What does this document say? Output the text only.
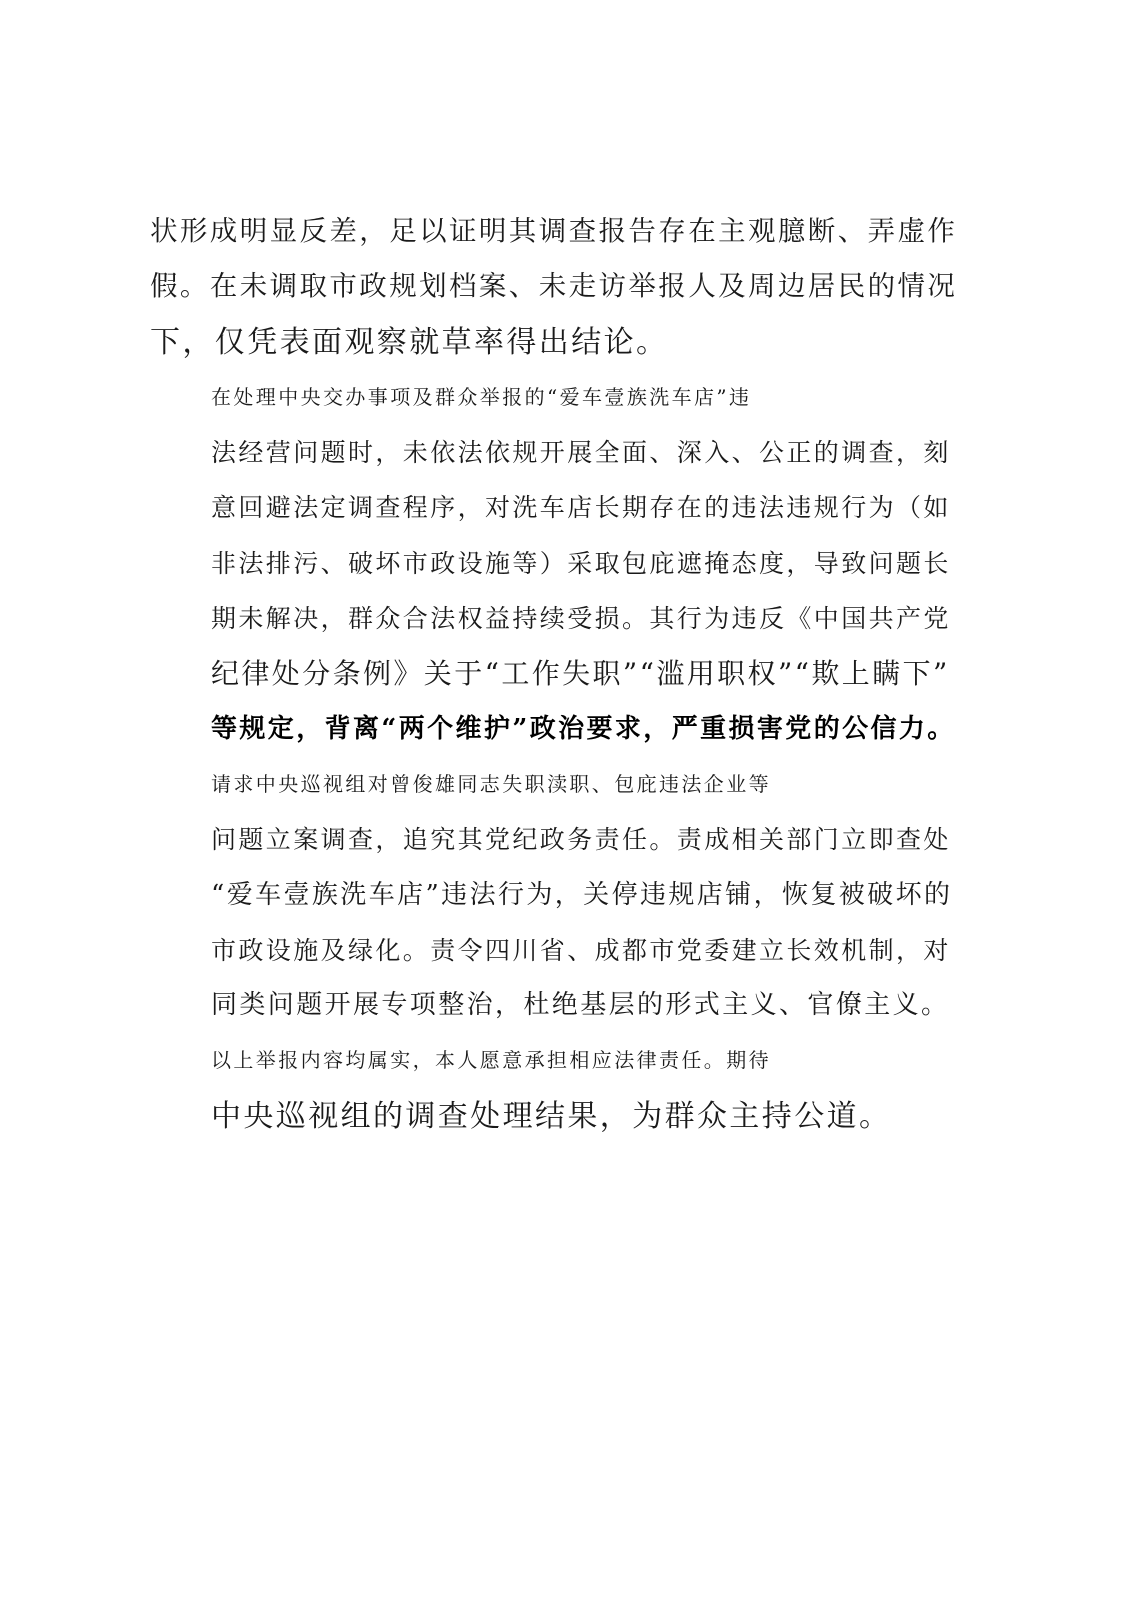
状形成明显反差，足以证明其调查报告存在主观臆断、弄虚作
假。在未调取市政规划档案、未走访举报人及周边居民的情况
下，仅凭表面观察就草率得出结论。
在处理中央交办事项及群众举报的“爱车壹族洗车店”违
法经营问题时，未依法依规开展全面、深入、公正的调查，刻
意回避法定调查程序，对洗车店长期存在的违法违规行为（如
非法排污、破坏市政设施等）采取包庇遮掩态度，导致问题长
期未解决，群众合法权益持续受损。其行为违反《中国共产党
纪律处分条例》关于“工作失职”“滥用职权”“欺上瞒下”
等规定，背离“两个维护”政治要求，严重损害党的公信力。
请求中央巡视组对曾俊雄同志失职渎职、包庇违法企业等
问题立案调查，追究其党纪政务责任。责成相关部门立即查处
“爱车壹族洗车店”违法行为，关停违规店铺，恢复被破坏的
市政设施及绿化。责令四川省、成都市党委建立长效机制，对
同类问题开展专项整治，杜绝基层的形式主义、官僚主义。
以上举报内容均属实，本人愿意承担相应法律责任。期待
中央巡视组的调查处理结果，为群众主持公道。
